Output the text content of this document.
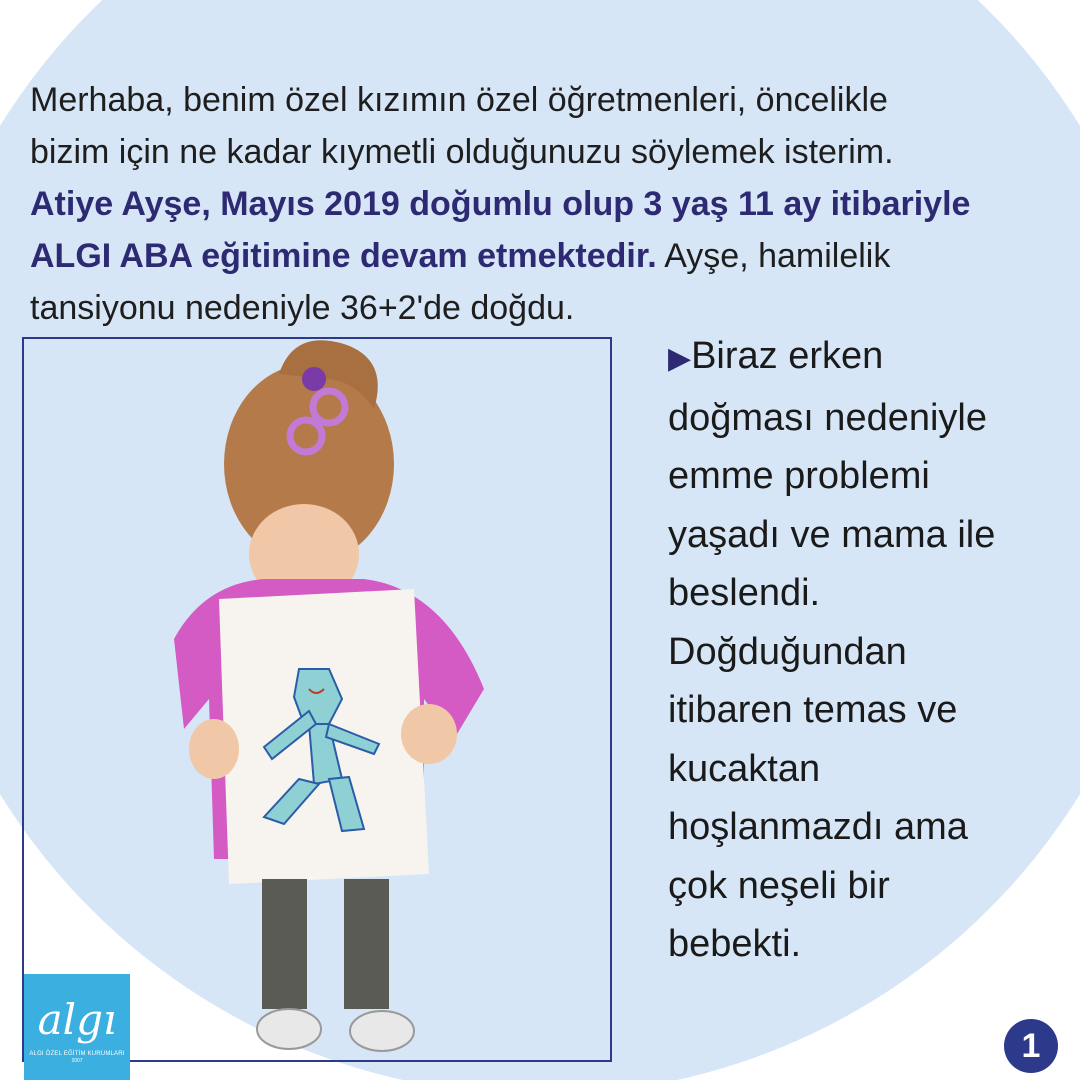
Merhaba, benim özel kızımın özel öğretmenleri, öncelikle
bizim için ne kadar kıymetli olduğunuzu söylemek isterim.
Atiye Ayşe, Mayıs 2019 doğumlu olup 3 yaş 11 ay itibariyle
ALGI ABA eğitimine devam etmektedir. Ayşe, hamilelik
tansiyonu nedeniyle 36+2'de doğdu.

▶Biraz erken
doğması nedeniyle
emme problemi
yaşadı ve mama ile
beslendi.
Doğduğundan
itibaren temas ve
kucaktan
hoşlanmazdı ama
çok neşeli bir
bebekti.
algı
ALGI ÖZEL EĞİTİM KURUMLARI
2007	1
